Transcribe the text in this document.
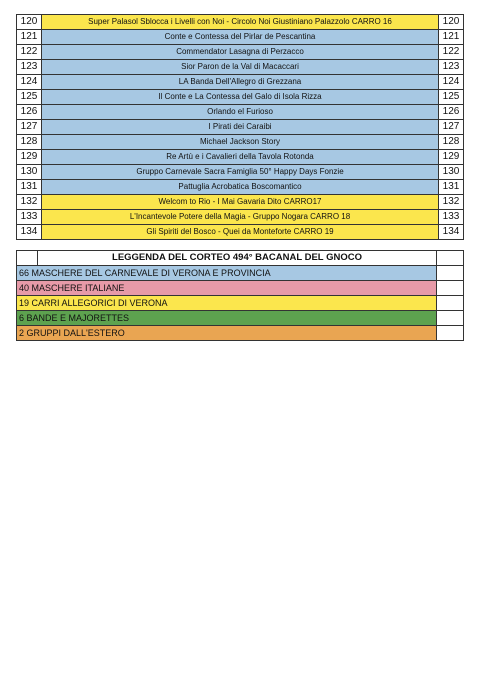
120	Super Palasol Sblocca i Livelli con Noi - Circolo Noi Giustiniano Palazzolo CARRO 16	120
121	Conte e Contessa del Pirlar de Pescantina	121
122	Commendator Lasagna di Perzacco	122
123	Sior Paron de la Val di Macaccari	123
124	LA Banda Dell'Allegro di Grezzana	124
125	Il Conte e La Contessa del Galo di Isola Rizza	125
126	Orlando el Furioso	126
127	I Pirati dei Caraibi	127
128	Michael Jackson Story	128
129	Re Artù e i Cavalieri della Tavola Rotonda	129
130	Gruppo Carnevale Sacra Famiglia 50° Happy Days Fonzie	130
131	Pattuglia Acrobatica Boscomantico	131
132	Welcom to Rio - I Mai Gavaria Dito CARRO17	132
133	L'Incantevole Potere della Magia - Gruppo Nogara CARRO 18	133
134	Gli Spiriti del Bosco - Quei da Monteforte CARRO 19	134
	LEGGENDA DEL CORTEO 494° BACANAL DEL GNOCO	
66 MASCHERE DEL CARNEVALE DI VERONA E PROVINCIA		
40 MASCHERE ITALIANE		
19 CARRI ALLEGORICI DI VERONA		
6 BANDE E MAJORETTES		
2 GRUPPI DALL'ESTERO		
